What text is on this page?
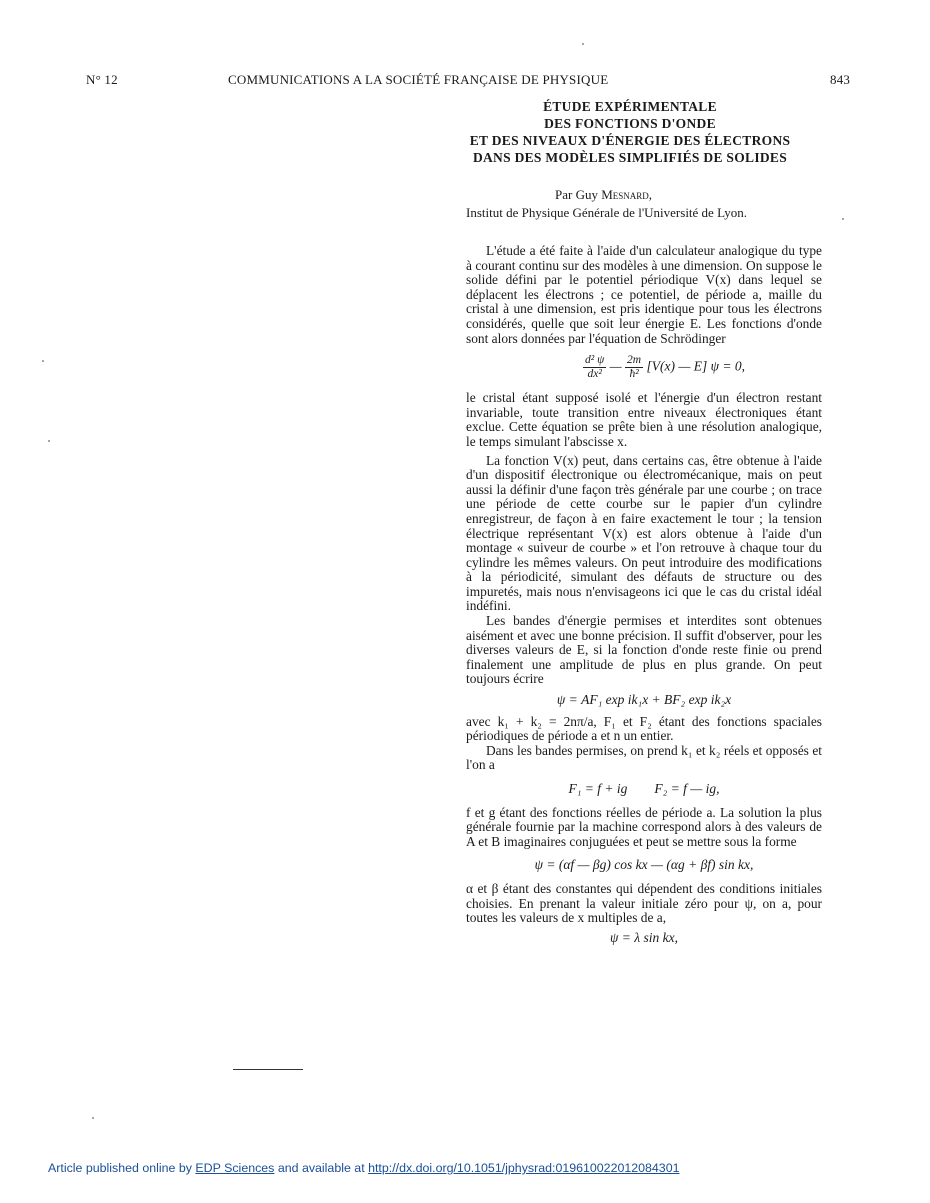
N° 12	COMMUNICATIONS A LA SOCIÉTÉ FRANÇAISE DE PHYSIQUE	843
ÉTUDE EXPÉRIMENTALE
DES FONCTIONS D'ONDE
ET DES NIVEAUX D'ÉNERGIE DES ÉLECTRONS
DANS DES MODÈLES SIMPLIFIÉS DE SOLIDES
Par Guy Mesnard,
Institut de Physique Générale de l'Université de Lyon.

L'étude a été faite à l'aide d'un calculateur analogique du type à courant continu sur des modèles à une dimension. On suppose le solide défini par le potentiel périodique V(x) dans lequel se déplacent les électrons ; ce potentiel, de période a, maille du cristal à une dimension, est pris identique pour tous les électrons considérés, quelle que soit leur énergie E. Les fonctions d'onde sont alors données par l'équation de Schrödinger

$\frac{\text{d² ψ}}{\text{dx²}}$ — $\frac{2m}{\text{ħ²}} [V(x)$ — E] ψ = 0,

le cristal étant supposé isolé et l'énergie d'un électron restant invariable, toute transition entre niveaux électroniques étant exclue. Cette équation se prête bien à une résolution analogique, le temps simulant l'abscisse x.

La fonction V(x) peut, dans certains cas, être obtenue à l'aide d'un dispositif électronique ou électromécanique, mais on peut aussi la définir d'une façon très générale par une courbe ; on trace une période de cette courbe sur le papier d'un cylindre enregistreur, de façon à en faire exactement le tour ; la tension électrique représentant V(x) est alors obtenue à l'aide d'un montage « suiveur de courbe » et l'on retrouve à chaque tour du cylindre les mêmes valeurs. On peut introduire des modifications à la périodicité, simulant des défauts de structure ou des impuretés, mais nous n'envisageons ici que le cas du cristal idéal indéfini.

Les bandes d'énergie permises et interdites sont obtenues aisément et avec une bonne précision. Il suffit d'observer, pour les diverses valeurs de E, si la fonction d'onde reste finie ou prend finalement une amplitude de plus en plus grande. On peut toujours écrire

ψ = AF₁ exp ik₁x + BF₂ exp ik₂x

avec k₁ + k₂ = 2nπ/a, F₁ et F₂ étant des fonctions spaciales périodiques de période a et n un entier.

Dans les bandes permises, on prend k₁ et k₂ réels et opposés et l'on a

F₁ = f + ig        F₂ = f — ig,

f et g étant des fonctions réelles de période a. La solution la plus générale fournie par la machine correspond alors à des valeurs de A et B imaginaires conjuguées et peut se mettre sous la forme

ψ = (αf — βg) cos kx — (αg + βf) sin kx,

α et β étant des constantes qui dépendent des conditions initiales choisies. En prenant la valeur initiale zéro pour ψ, on a, pour toutes les valeurs de x multiples de a,

ψ = λ sin kx,
Article published online by EDP Sciences and available at http://dx.doi.org/10.1051/jphysrad:019610022012084301
